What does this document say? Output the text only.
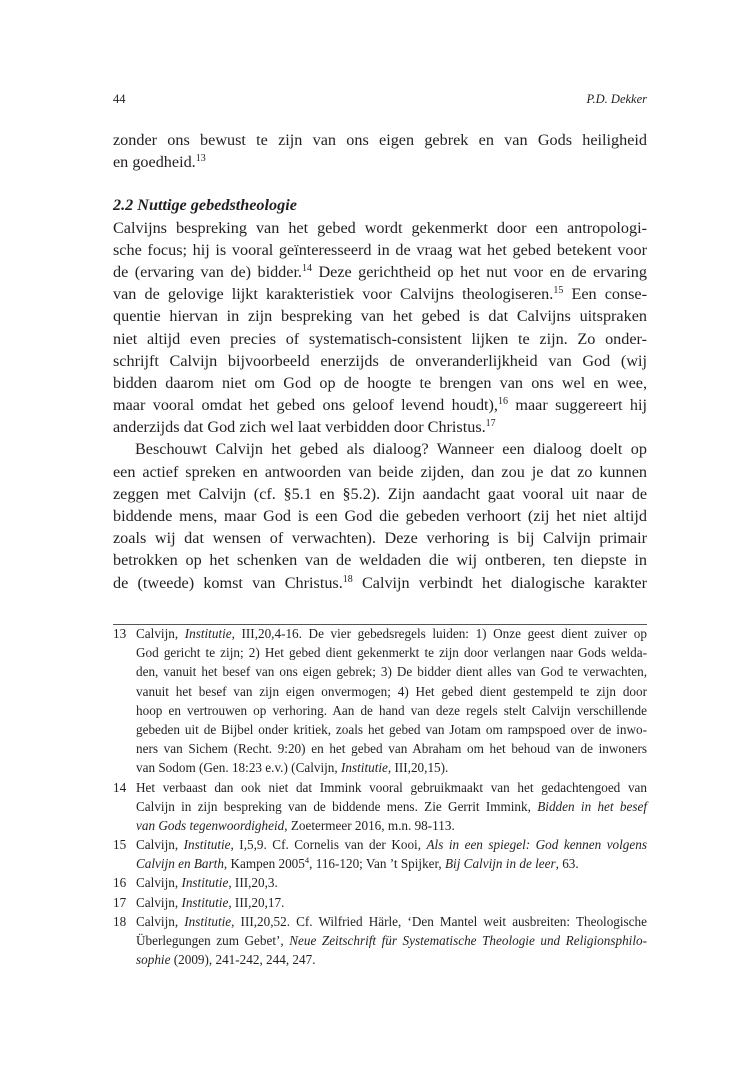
44	P.D. Dekker
zonder ons bewust te zijn van ons eigen gebrek en van Gods heiligheid
en goedheid.$^{13}$
2.2 Nuttige gebedstheologie
Calvijns bespreking van het gebed wordt gekenmerkt door een antropologi-
sche focus; hij is vooral geïnteresseerd in de vraag wat het gebed betekent voor
de (ervaring van de) bidder.$^{14}$ Deze gerichtheid op het nut voor en de ervaring
van de gelovige lijkt karakteristiek voor Calvijns theologiseren.$^{15}$ Een conse-
quentie hiervan in zijn bespreking van het gebed is dat Calvijns uitspraken
niet altijd even precies of systematisch-consistent lijken te zijn. Zo onder-
schrijft Calvijn bijvoorbeeld enerzijds de onveranderlijkheid van God (wij
bidden daarom niet om God op de hoogte te brengen van ons wel en wee,
maar vooral omdat het gebed ons geloof levend houdt),$^{16}$ maar suggereert hij
anderzijds dat God zich wel laat verbidden door Christus.$^{17}$
Beschouwt Calvijn het gebed als dialoog? Wanneer een dialoog doelt op
een actief spreken en antwoorden van beide zijden, dan zou je dat zo kunnen
zeggen met Calvijn (cf. §5.1 en §5.2). Zijn aandacht gaat vooral uit naar de
biddende mens, maar God is een God die gebeden verhoort (zij het niet altijd
zoals wij dat wensen of verwachten). Deze verhoring is bij Calvijn primair
betrokken op het schenken van de weldaden die wij ontberen, ten diepste in
de (tweede) komst van Christus.$^{18}$ Calvijn verbindt het dialogische karakter
13 Calvijn, Institutie, III,20,4-16. De vier gebedsregels luiden: 1) Onze geest dient zuiver op
God gericht te zijn; 2) Het gebed dient gekenmerkt te zijn door verlangen naar Gods welda-
den, vanuit het besef van ons eigen gebrek; 3) De bidder dient alles van God te verwachten,
vanuit het besef van zijn eigen onvermogen; 4) Het gebed dient gestempeld te zijn door
hoop en vertrouwen op verhoring. Aan de hand van deze regels stelt Calvijn verschillende
gebeden uit de Bijbel onder kritiek, zoals het gebed van Jotam om rampspoed over de inwo-
ners van Sichem (Recht. 9:20) en het gebed van Abraham om het behoud van de inwoners
van Sodom (Gen. 18:23 e.v.) (Calvijn, Institutie, III,20,15).
14 Het verbaast dan ook niet dat Immink vooral gebruikmaakt van het gedachtengoed van
Calvijn in zijn bespreking van de biddende mens. Zie Gerrit Immink, Bidden in het besef
van Gods tegenwoordigheid, Zoetermeer 2016, m.n. 98-113.
15 Calvijn, Institutie, I,5,9. Cf. Cornelis van der Kooi, Als in een spiegel: God kennen volgens
Calvijn en Barth, Kampen 2005$^4$, 116-120; Van ’t Spijker, Bij Calvijn in de leer, 63.
16 Calvijn, Institutie, III,20,3.
17 Calvijn, Institutie, III,20,17.
18 Calvijn, Institutie, III,20,52. Cf. Wilfried Härle, ‘Den Mantel weit ausbreiten: Theologische
Überlegungen zum Gebet’, Neue Zeitschrift für Systematische Theologie und Religionsphilo-
sophie (2009), 241-242, 244, 247.
